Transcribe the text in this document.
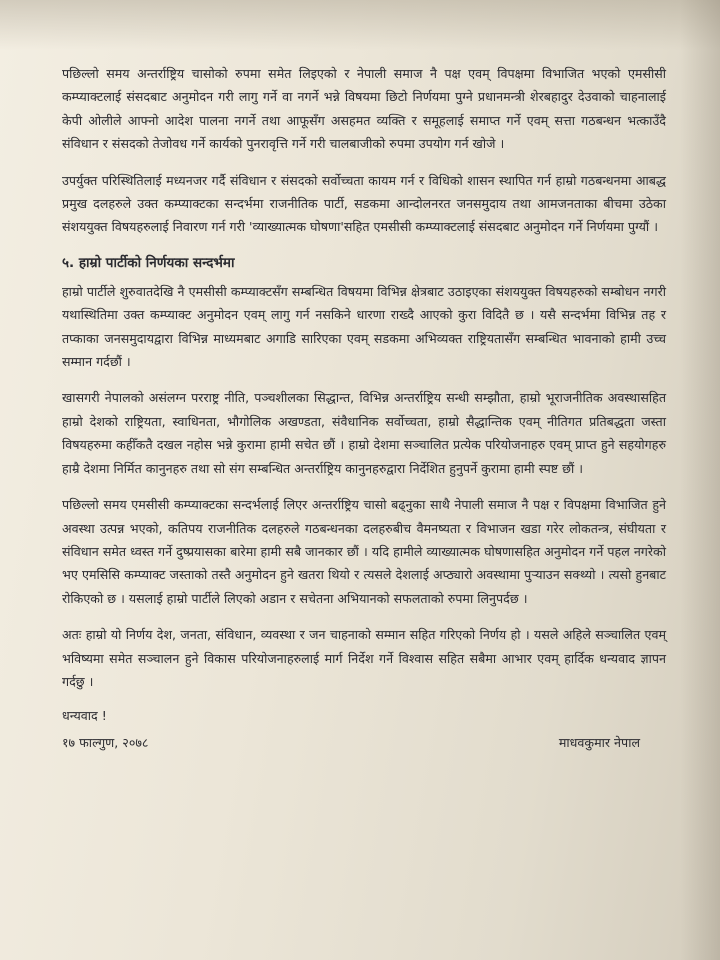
पछिल्लो समय अन्तर्राष्ट्रिय चासोको रुपमा समेत लिइएको र नेपाली समाज नै पक्ष एवम् विपक्षमा विभाजित भएको एमसीसी कम्प्याक्टलाई संसदबाट अनुमोदन गरी लागु गर्ने वा नगर्ने भन्ने विषयमा छिटो निर्णयमा पुग्ने प्रधानमन्त्री शेरबहादुर देउवाको चाहनालाई केपी ओलीले आफ्नो आदेश पालना नगर्ने तथा आफूसँग असहमत व्यक्ति र समूहलाई समाप्त गर्ने एवम् सत्ता गठबन्धन भत्काउँदै संविधान र संसदको तेजोवध गर्ने कार्यको पुनरावृत्ति गर्ने गरी चालबाजीको रुपमा उपयोग गर्न खोजे ।

उपर्युक्त परिस्थितिलाई मध्यनजर गर्दै संविधान र संसदको सर्वोच्चता कायम गर्न र विधिको शासन स्थापित गर्न हाम्रो गठबन्धनमा आबद्ध प्रमुख दलहरुले उक्त कम्प्याक्टका सन्दर्भमा राजनीतिक पार्टी, सडकमा आन्दोलनरत जनसमुदाय तथा आमजनताका बीचमा उठेका संशययुक्त विषयहरुलाई निवारण गर्न गरी 'व्याख्यात्मक घोषणा'सहित एमसीसी कम्प्याक्टलाई संसदबाट अनुमोदन गर्ने निर्णयमा पुग्यौं ।

५. हाम्रो पार्टीको निर्णयका सन्दर्भमा

हाम्रो पार्टीले शुरुवातदेखि नै एमसीसी कम्प्याक्टसँग सम्बन्धित विषयमा विभिन्न क्षेत्रबाट उठाइएका संशययुक्त विषयहरुको सम्बोधन नगरी यथास्थितिमा उक्त कम्प्याक्ट अनुमोदन एवम् लागु गर्न नसकिने धारणा राख्दै आएको कुरा विदितै छ । यसै सन्दर्भमा विभिन्न तह र तप्काका जनसमुदायद्वारा विभिन्न माध्यमबाट अगाडि सारिएका एवम् सडकमा अभिव्यक्त राष्ट्रियतासँग सम्बन्धित भावनाको हामी उच्च सम्मान गर्दछौं ।

खासगरी नेपालको असंलग्न परराष्ट्र नीति, पञ्चशीलका सिद्धान्त, विभिन्न अन्तर्राष्ट्रिय सन्धी सम्झौता, हाम्रो भूराजनीतिक अवस्थासहित हाम्रो देशको राष्ट्रियता, स्वाधिनता, भौगोलिक अखण्डता, संवैधानिक सर्वोच्चता, हाम्रो सैद्धान्तिक एवम् नीतिगत प्रतिबद्धता जस्ता विषयहरुमा कहीँकतै दखल नहोस भन्ने कुरामा हामी सचेत छौं । हाम्रो देशमा सञ्चालित प्रत्येक परियोजनाहरु एवम् प्राप्त हुने सहयोगहरु हाम्रै देशमा निर्मित कानुनहरु तथा सो संग सम्बन्धित अन्तर्राष्ट्रिय कानुनहरुद्वारा निर्देशित हुनुपर्ने कुरामा हामी स्पष्ट छौं ।

पछिल्लो समय एमसीसी कम्प्याक्टका सन्दर्भलाई लिएर अन्तर्राष्ट्रिय चासो बढ्नुका साथै नेपाली समाज नै पक्ष र विपक्षमा विभाजित हुने अवस्था उत्पन्न भएको, कतिपय राजनीतिक दलहरुले गठबन्धनका दलहरुबीच वैमनष्यता र विभाजन खडा गरेर लोकतन्त्र, संघीयता र संविधान समेत ध्वस्त गर्ने दुष्प्रयासका बारेमा हामी सबै जानकार छौं । यदि हामीले व्याख्यात्मक घोषणासहित अनुमोदन गर्ने पहल नगरेको भए एमसिसि कम्प्याक्ट जस्ताको तस्तै अनुमोदन हुने खतरा थियो र त्यसले देशलाई अप्ठ्यारो अवस्थामा पुऱ्याउन सक्थ्यो । त्यसो हुनबाट रोकिएको छ । यसलाई हाम्रो पार्टीले लिएको अडान र सचेतना अभियानको सफलताको रुपमा लिनुपर्दछ ।

अतः हाम्रो यो निर्णय देश, जनता, संविधान, व्यवस्था र जन चाहनाको सम्मान सहित गरिएको निर्णय हो । यसले अहिले सञ्चालित एवम् भविष्यमा समेत सञ्चालन हुने विकास परियोजनाहरुलाई मार्ग निर्देश गर्ने विश्वास सहित सबैमा आभार एवम् हार्दिक धन्यवाद ज्ञापन गर्दछु ।

धन्यवाद !
१७ फाल्गुण, २०७८	माधवकुमार नेपाल
